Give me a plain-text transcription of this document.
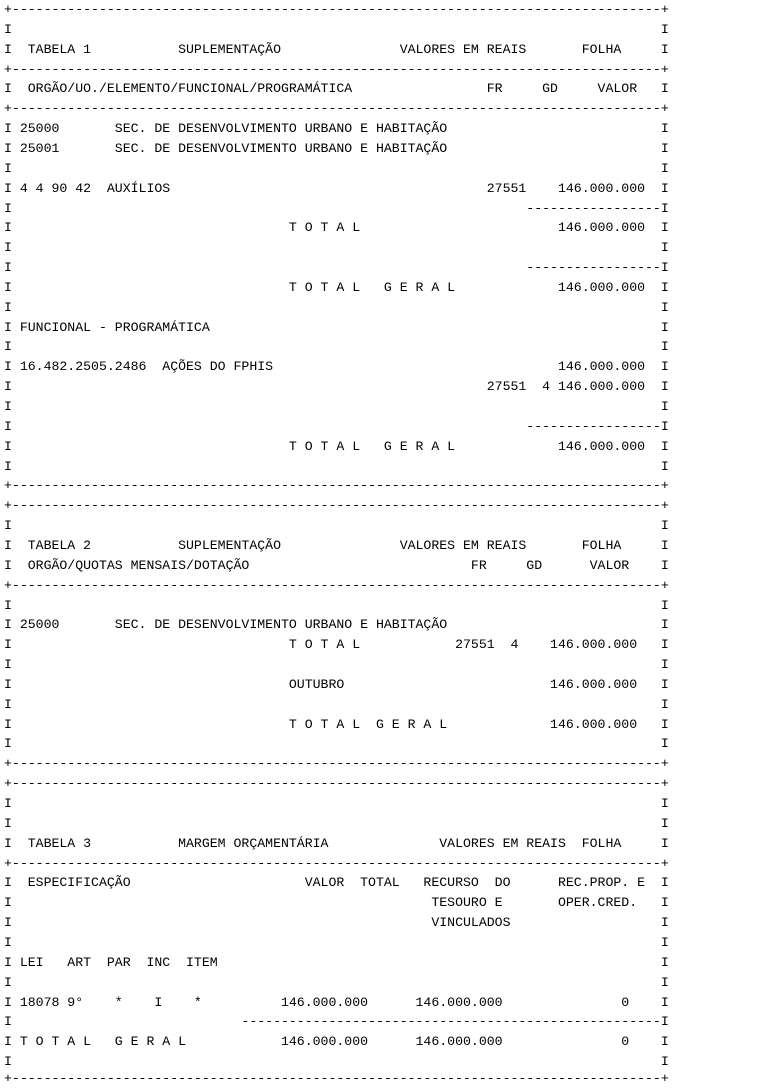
+----------------------------------------------------------------------------------+
I                                                                                  I
I  TABELA 1           SUPLEMENTAÇÃO               VALORES EM REAIS       FOLHA     I
+----------------------------------------------------------------------------------+
I  ORGÃO/UO./ELEMENTO/FUNCIONAL/PROGRAMÁTICA                 FR     GD     VALOR   I
+----------------------------------------------------------------------------------+
I 25000       SEC. DE DESENVOLVIMENTO URBANO E HABITAÇÃO                           I
I 25001       SEC. DE DESENVOLVIMENTO URBANO E HABITAÇÃO                           I
I                                                                                  I
I 4 4 90 42  AUXÍLIOS                                        27551    146.000.000  I
I                                                                 -----------------I
I                                   T O T A L                         146.000.000  I
I                                                                                  I
I                                                                 -----------------I
I                                   T O T A L   G E R A L             146.000.000  I
I                                                                                  I
I FUNCIONAL - PROGRAMÁTICA                                                         I
I                                                                                  I
I 16.482.2505.2486  AÇÕES DO FPHIS                                    146.000.000  I
I                                                            27551  4 146.000.000  I
I                                                                                  I
I                                                                 -----------------I
I                                   T O T A L   G E R A L             146.000.000  I
I                                                                                  I
+----------------------------------------------------------------------------------+
+----------------------------------------------------------------------------------+
I                                                                                  I
I  TABELA 2           SUPLEMENTAÇÃO               VALORES EM REAIS       FOLHA     I
I  ORGÃO/QUOTAS MENSAIS/DOTAÇÃO                            FR     GD      VALOR    I
+----------------------------------------------------------------------------------+
I                                                                                  I
I 25000       SEC. DE DESENVOLVIMENTO URBANO E HABITAÇÃO                           I
I                                   T O T A L            27551  4    146.000.000   I
I                                                                                  I
I                                   OUTUBRO                          146.000.000   I
I                                                                                  I
I                                   T O T A L  G E R A L             146.000.000   I
I                                                                                  I
+----------------------------------------------------------------------------------+
+----------------------------------------------------------------------------------+
I                                                                                  I
I                                                                                  I
I  TABELA 3           MARGEM ORÇAMENTÁRIA              VALORES EM REAIS  FOLHA     I
+----------------------------------------------------------------------------------+
I  ESPECIFICAÇÃO                      VALOR  TOTAL   RECURSO  DO      REC.PROP. E  I
I                                                     TESOURO E       OPER.CRED.   I
I                                                     VINCULADOS                   I
I                                                                                  I
I LEI   ART  PAR  INC  ITEM                                                        I
I                                                                                  I
I 18078 9°    *    I    *          146.000.000      146.000.000               0    I
I                             -----------------------------------------------------I
I T O T A L   G E R A L            146.000.000      146.000.000               0    I
I                                                                                  I
+----------------------------------------------------------------------------------+
